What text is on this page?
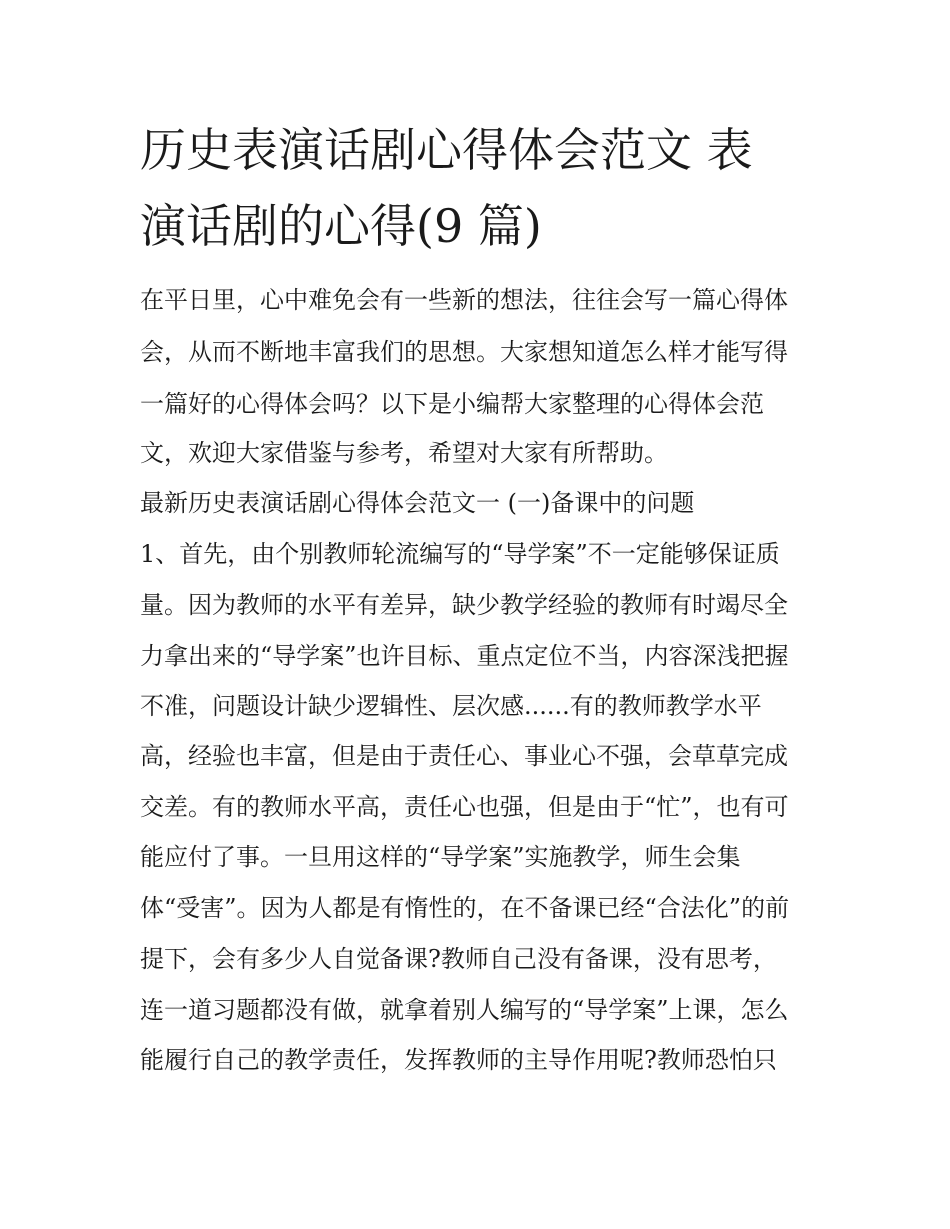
历史表演话剧心得体会范文 表
演话剧的心得(9 篇)
在平日里，心中难免会有一些新的想法，往往会写一篇心得体
会，从而不断地丰富我们的思想。大家想知道怎么样才能写得
一篇好的心得体会吗？以下是小编帮大家整理的心得体会范
文，欢迎大家借鉴与参考，希望对大家有所帮助。
最新历史表演话剧心得体会范文一 (一)备课中的问题
1、首先，由个别教师轮流编写的“导学案”不一定能够保证质
量。因为教师的水平有差异，缺少教学经验的教师有时竭尽全
力拿出来的“导学案”也许目标、重点定位不当，内容深浅把握
不准，问题设计缺少逻辑性、层次感......有的教师教学水平
高，经验也丰富，但是由于责任心、事业心不强，会草草完成
交差。有的教师水平高，责任心也强，但是由于“忙”，也有可
能应付了事。一旦用这样的“导学案”实施教学，师生会集
体“受害”。因为人都是有惰性的，在不备课已经“合法化”的前
提下，会有多少人自觉备课?教师自己没有备课，没有思考，
连一道习题都没有做，就拿着别人编写的“导学案”上课，怎么
能履行自己的教学责任，发挥教师的主导作用呢?教师恐怕只
